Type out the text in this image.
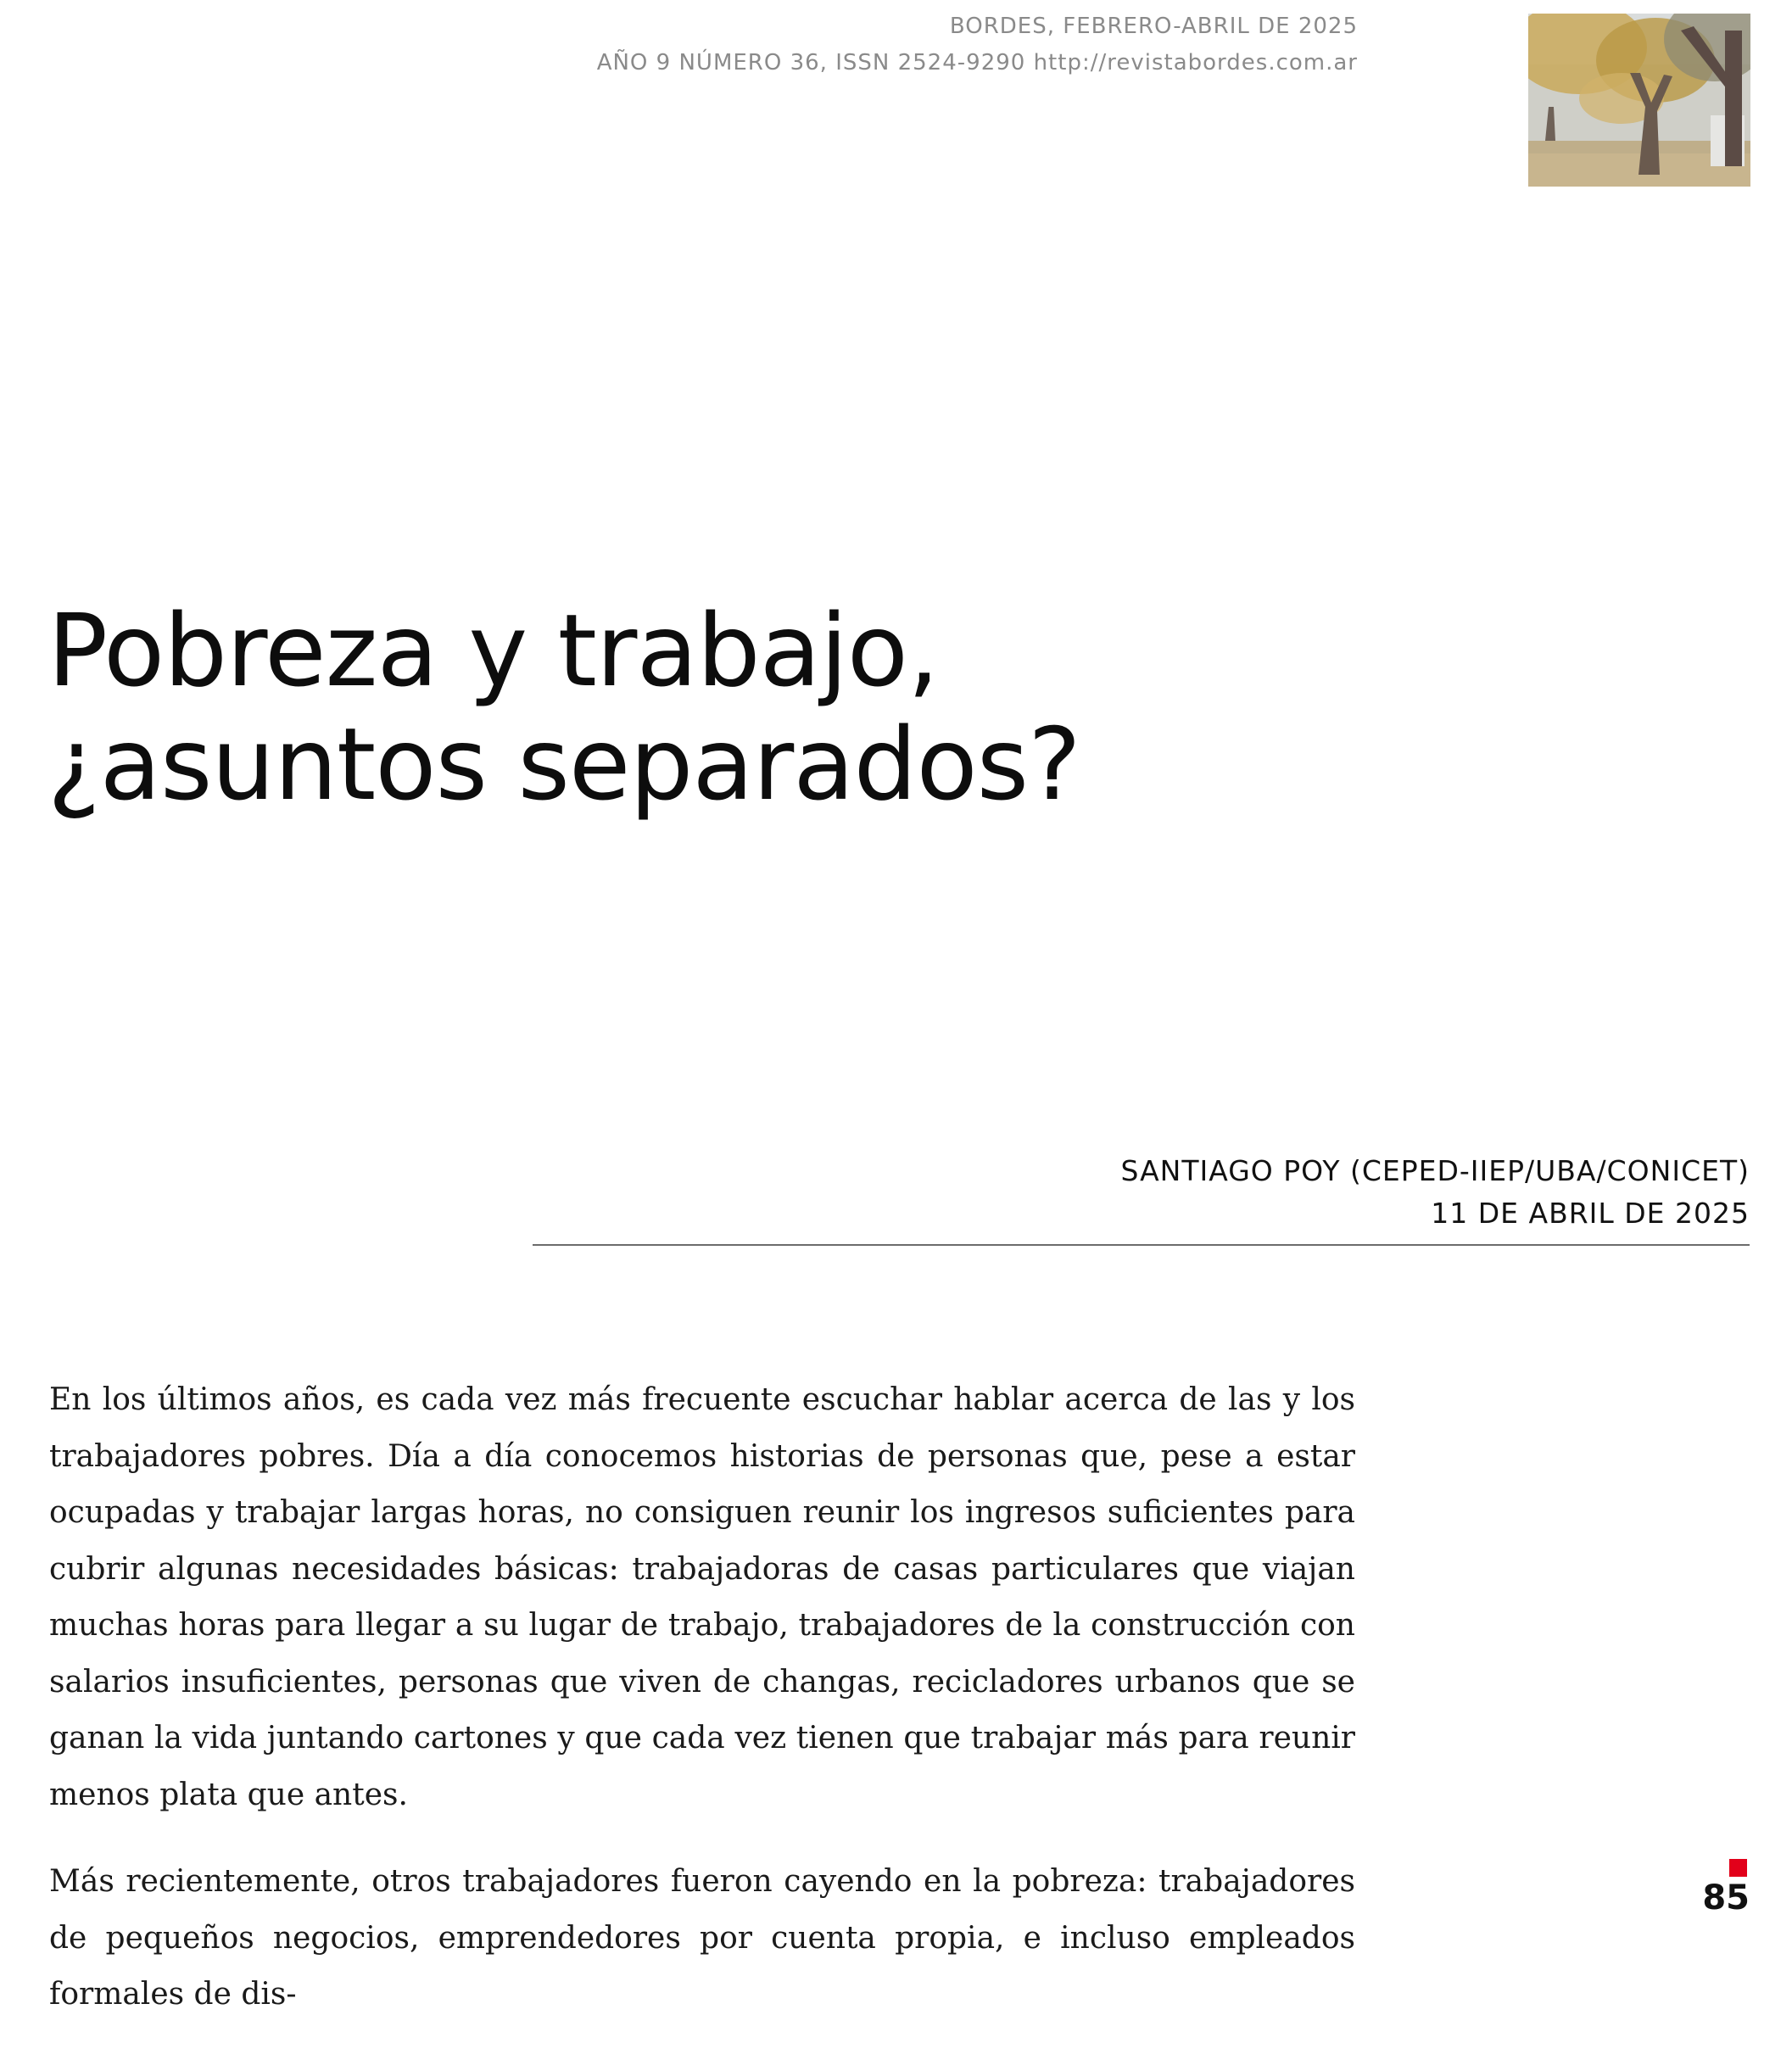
BORDES, FEBRERO-ABRIL DE 2025
AÑO 9 NÚMERO 36, ISSN 2524-9290 http://revistabordes.com.ar
Pobreza y trabajo,
¿asuntos separados?
SANTIAGO POY (CEPED-IIEP/UBA/CONICET)
11 DE ABRIL DE 2025

En los últimos años, es cada vez más frecuente escuchar hablar acerca de las y los trabajadores pobres. Día a día conocemos historias de personas que, pese a estar ocupadas y trabajar largas horas, no consiguen reunir los ingresos suficientes para cubrir algunas necesidades básicas: trabajadoras de casas particulares que viajan muchas horas para llegar a su lugar de trabajo, trabajadores de la construcción con salarios insuficientes, personas que viven de changas, recicladores urbanos que se ganan la vida juntando cartones y que cada vez tienen que trabajar más para reunir menos plata que antes.

Más recientemente, otros trabajadores fueron cayendo en la pobreza: trabajadores de pequeños negocios, emprendedores por cuenta propia, e incluso empleados formales de dis-

85
